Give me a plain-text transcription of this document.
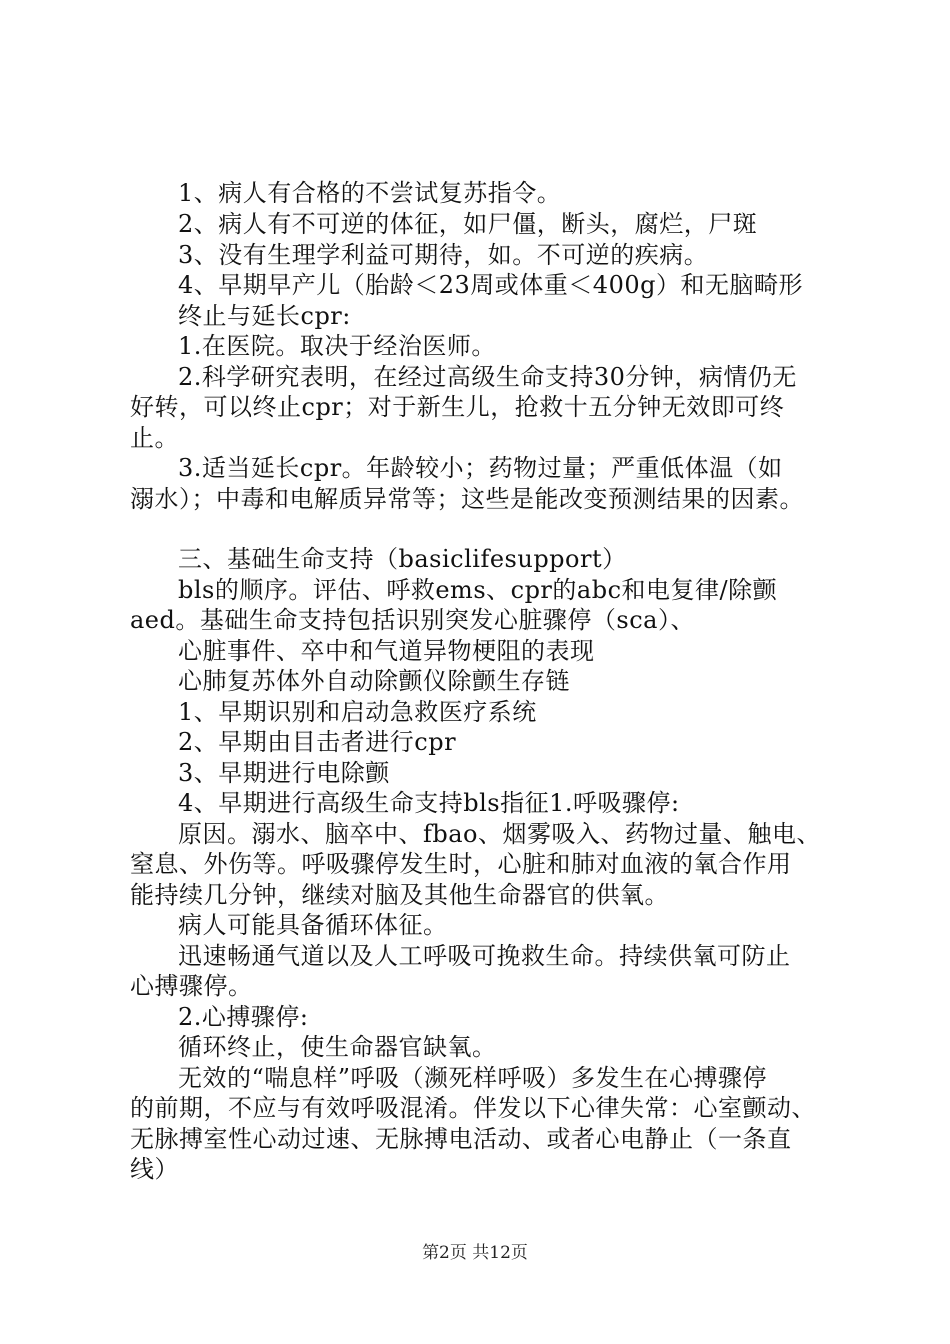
1、病人有合格的不尝试复苏指令。
2、病人有不可逆的体征，如尸僵，断头，腐烂，尸斑
3、没有生理学利益可期待，如。不可逆的疾病。
4、早期早产儿（胎龄＜23周或体重＜400g）和无脑畸形
终止与延长cpr:
1.在医院。取决于经治医师。
2.科学研究表明，在经过高级生命支持30分钟，病情仍无
好转，可以终止cpr；对于新生儿，抢救十五分钟无效即可终
止。
3.适当延长cpr。年龄较小；药物过量；严重低体温（如
溺水）；中毒和电解质异常等；这些是能改变预测结果的因素。
三、基础生命支持（basiclifesupport）
bls的顺序。评估、呼救ems、cpr的abc和电复律/除颤
aed。基础生命支持包括识别突发心脏骤停（sca）、
心脏事件、卒中和气道异物梗阻的表现
心肺复苏体外自动除颤仪除颤生存链
1、早期识别和启动急救医疗系统
2、早期由目击者进行cpr
3、早期进行电除颤
4、早期进行高级生命支持bls指征1.呼吸骤停:
原因。溺水、脑卒中、fbao、烟雾吸入、药物过量、触电、
窒息、外伤等。呼吸骤停发生时，心脏和肺对血液的氧合作用
能持续几分钟，继续对脑及其他生命器官的供氧。
病人可能具备循环体征。
迅速畅通气道以及人工呼吸可挽救生命。持续供氧可防止
心搏骤停。
2.心搏骤停:
循环终止，使生命器官缺氧。
无效的“喘息样”呼吸（濒死样呼吸）多发生在心搏骤停
的前期，不应与有效呼吸混淆。伴发以下心律失常：心室颤动、
无脉搏室性心动过速、无脉搏电活动、或者心电静止（一条直
线）
第2页 共12页
